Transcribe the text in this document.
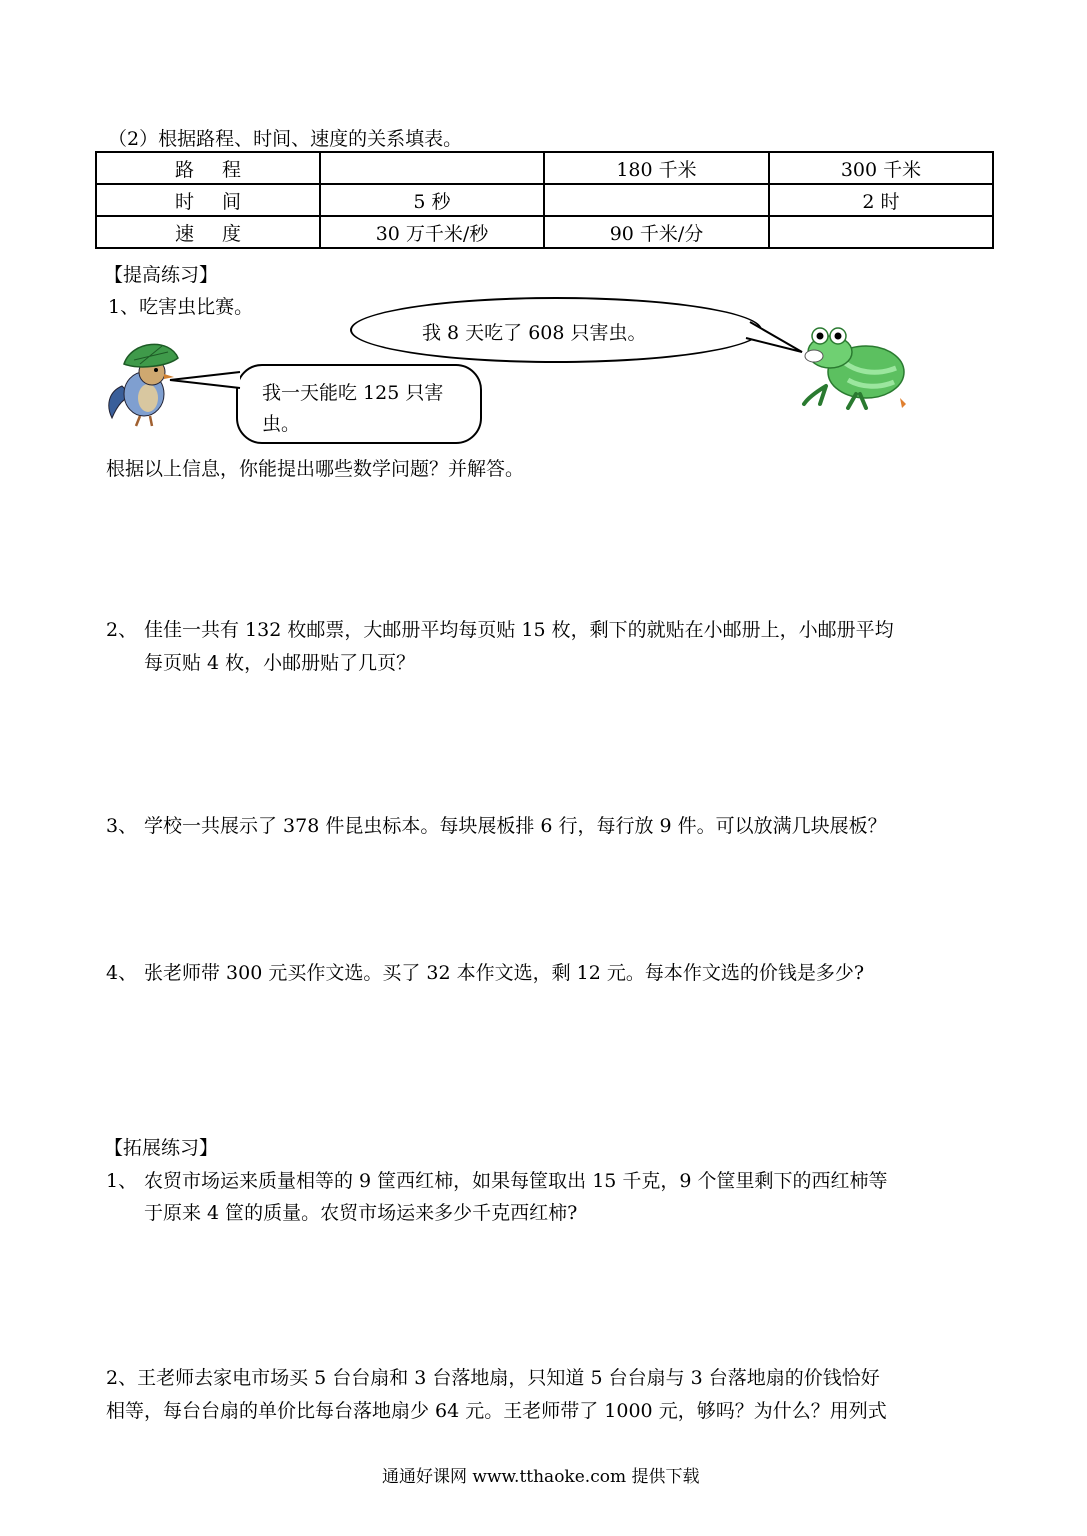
（2）根据路程、时间、速度的关系填表。
路程		180 千米	300 千米
时间	5 秒		2 时
速度	30 万千米/秒	90 千米/分	
【提高练习】
1、吃害虫比赛。
我 8 天吃了 608 只害虫。
我一天能吃 125 只害
虫。
根据以上信息，你能提出哪些数学问题？并解答。
2、 佳佳一共有 132 枚邮票，大邮册平均每页贴 15 枚，剩下的就贴在小邮册上，小邮册平均
每页贴 4 枚，小邮册贴了几页？
3、 学校一共展示了 378 件昆虫标本。每块展板排 6 行，每行放 9 件。可以放满几块展板？
4、 张老师带 300 元买作文选。买了 32 本作文选，剩 12 元。每本作文选的价钱是多少?
【拓展练习】
1、 农贸市场运来质量相等的 9 筐西红柿，如果每筐取出 15 千克，9 个筐里剩下的西红柿等
于原来 4 筐的质量。农贸市场运来多少千克西红柿?
2、王老师去家电市场买 5 台台扇和 3 台落地扇，只知道 5 台台扇与 3 台落地扇的价钱恰好
相等，每台台扇的单价比每台落地扇少 64 元。王老师带了 1000 元，够吗？为什么？用列式
通通好课网 www.tthaoke.com 提供下载
